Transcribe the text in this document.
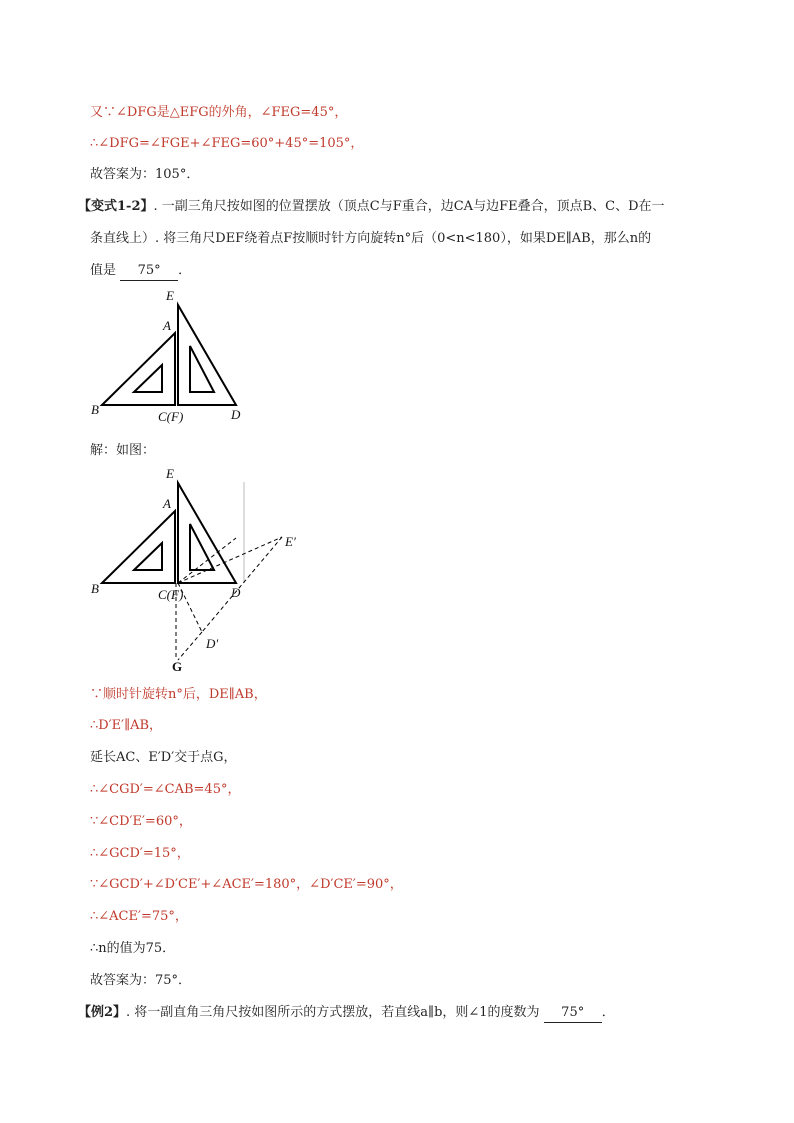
又∵∠DFG是△EFG的外角，∠FEG=45°，
∴∠DFG=∠FGE+∠FEG=60°+45°=105°，
故答案为：105°．
【变式1-2】. 一副三角尺按如图的位置摆放（顶点C与F重合，边CA与边FE叠合，顶点B、C、D在一
条直线上）. 将三角尺DEF绕着点F按顺时针方向旋转n°后（0<n<180），如果DE∥AB，那么n的
值是 75° ．
E
A
B	C(F)	D
解：如图：
E
A
B	C(F)	D
E′
D′
G
∵顺时针旋转n°后，DE∥AB，
∴D′E′∥AB，
延长AC、E′D′交于点G，
∴∠CGD′=∠CAB=45°，
∵∠CD′E′=60°，
∴∠GCD′=15°，
∵∠GCD′+∠D′CE′+∠ACE′=180°，∠D′CE′=90°，
∴∠ACE′=75°，
∴n的值为75．
故答案为：75°．
【例2】. 将一副直角三角尺按如图所示的方式摆放，若直线a∥b，则∠1的度数为 75° ．
